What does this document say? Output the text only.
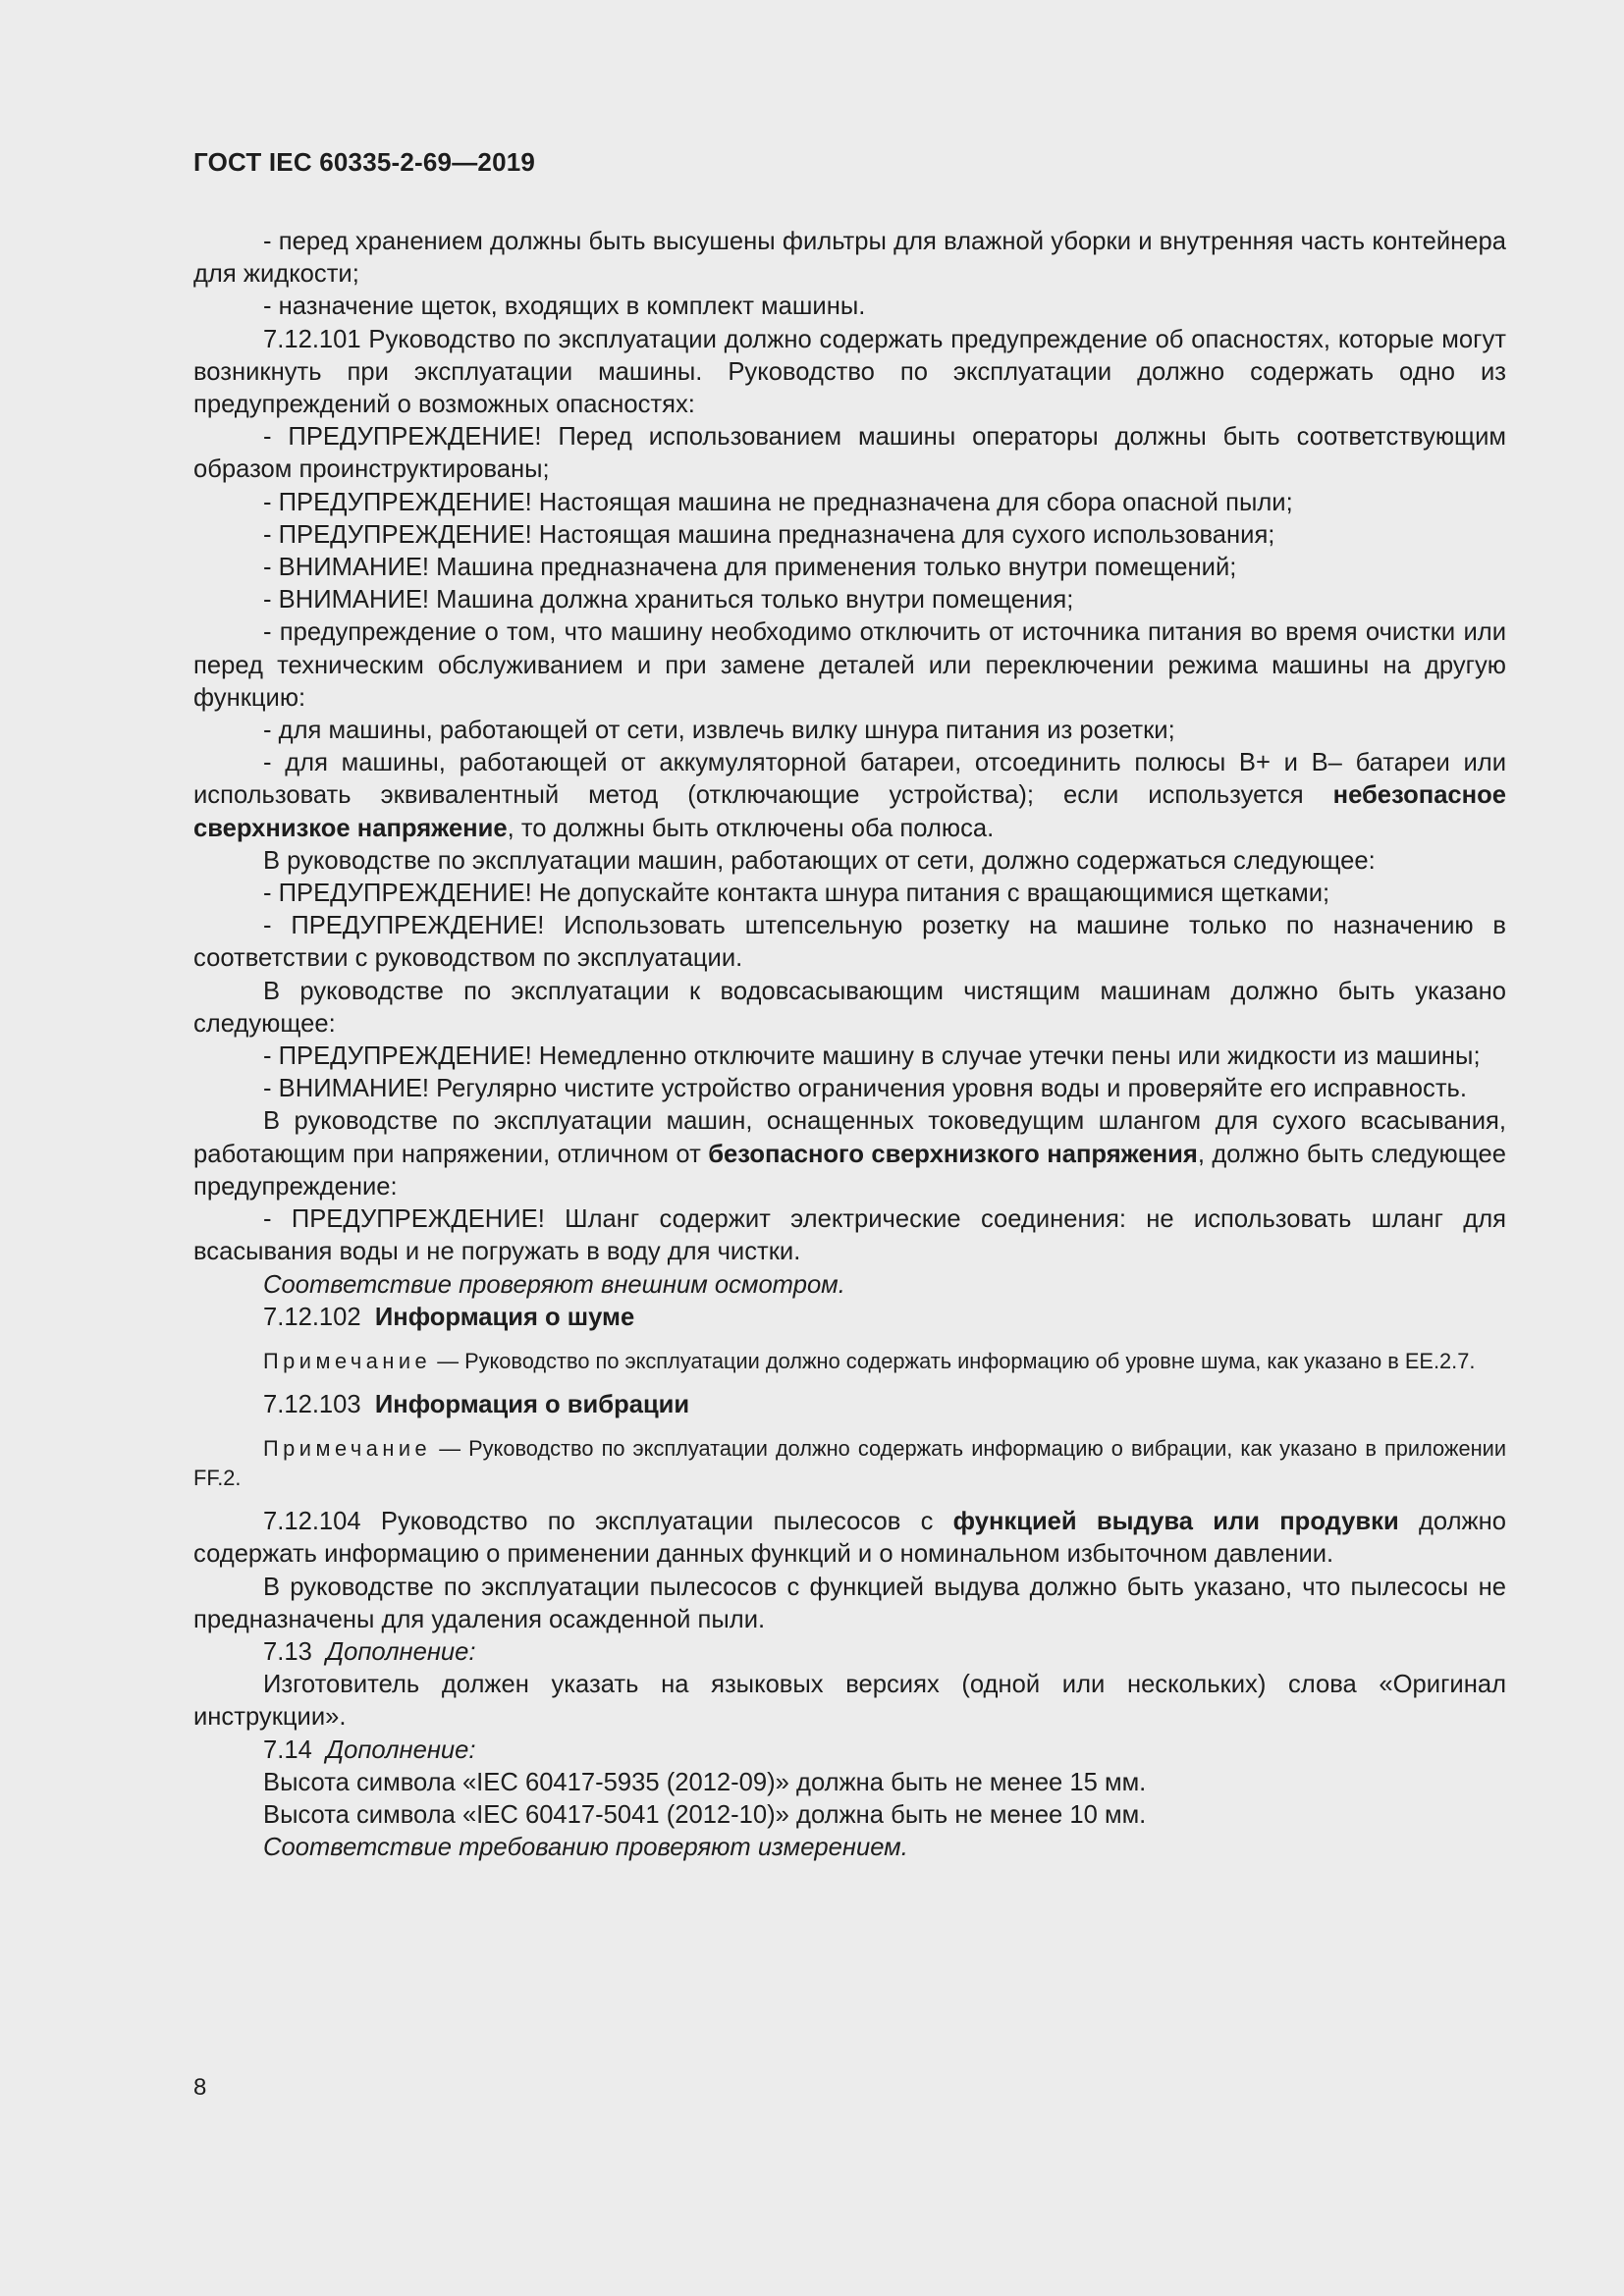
ГОСТ IEC 60335-2-69—2019

- перед хранением должны быть высушены фильтры для влажной уборки и внутренняя часть контейнера для жидкости;

- назначение щеток, входящих в комплект машины.

7.12.101 Руководство по эксплуатации должно содержать предупреждение об опасностях, которые могут возникнуть при эксплуатации машины. Руководство по эксплуатации должно содержать одно из предупреждений о возможных опасностях:

- ПРЕДУПРЕЖДЕНИЕ! Перед использованием машины операторы должны быть соответствующим образом проинструктированы;

- ПРЕДУПРЕЖДЕНИЕ! Настоящая машина не предназначена для сбора опасной пыли;

- ПРЕДУПРЕЖДЕНИЕ! Настоящая машина предназначена для сухого использования;

- ВНИМАНИЕ! Машина предназначена для применения только внутри помещений;

- ВНИМАНИЕ! Машина должна храниться только внутри помещения;

- предупреждение о том, что машину необходимо отключить от источника питания во время очистки или перед техническим обслуживанием и при замене деталей или переключении режима машины на другую функцию:

- для машины, работающей от сети, извлечь вилку шнура питания из розетки;

- для машины, работающей от аккумуляторной батареи, отсоединить полюсы B+ и B– батареи или использовать эквивалентный метод (отключающие устройства); если используется небезопасное сверхнизкое напряжение, то должны быть отключены оба полюса.

В руководстве по эксплуатации машин, работающих от сети, должно содержаться следующее:

- ПРЕДУПРЕЖДЕНИЕ! Не допускайте контакта шнура питания с вращающимися щетками;

- ПРЕДУПРЕЖДЕНИЕ! Использовать штепсельную розетку на машине только по назначению в соответствии с руководством по эксплуатации.

В руководстве по эксплуатации к водовсасывающим чистящим машинам должно быть указано следующее:

- ПРЕДУПРЕЖДЕНИЕ! Немедленно отключите машину в случае утечки пены или жидкости из машины;

- ВНИМАНИЕ! Регулярно чистите устройство ограничения уровня воды и проверяйте его исправность.

В руководстве по эксплуатации машин, оснащенных токоведущим шлангом для сухого всасывания, работающим при напряжении, отличном от безопасного сверхнизкого напряжения, должно быть следующее предупреждение:

- ПРЕДУПРЕЖДЕНИЕ! Шланг содержит электрические соединения: не использовать шланг для всасывания воды и не погружать в воду для чистки.

Соответствие проверяют внешним осмотром.

7.12.102 Информация о шуме

Примечание — Руководство по эксплуатации должно содержать информацию об уровне шума, как указано в EE.2.7.

7.12.103 Информация о вибрации

Примечание — Руководство по эксплуатации должно содержать информацию о вибрации, как указано в приложении FF.2.

7.12.104 Руководство по эксплуатации пылесосов с функцией выдува или продувки должно содержать информацию о применении данных функций и о номинальном избыточном давлении.

В руководстве по эксплуатации пылесосов с функцией выдува должно быть указано, что пылесосы не предназначены для удаления осажденной пыли.

7.13 Дополнение:

Изготовитель должен указать на языковых версиях (одной или нескольких) слова «Оригинал инструкции».

7.14 Дополнение:

Высота символа «IEC 60417-5935 (2012-09)» должна быть не менее 15 мм.

Высота символа «IEC 60417-5041 (2012-10)» должна быть не менее 10 мм.

Соответствие требованию проверяют измерением.

8
